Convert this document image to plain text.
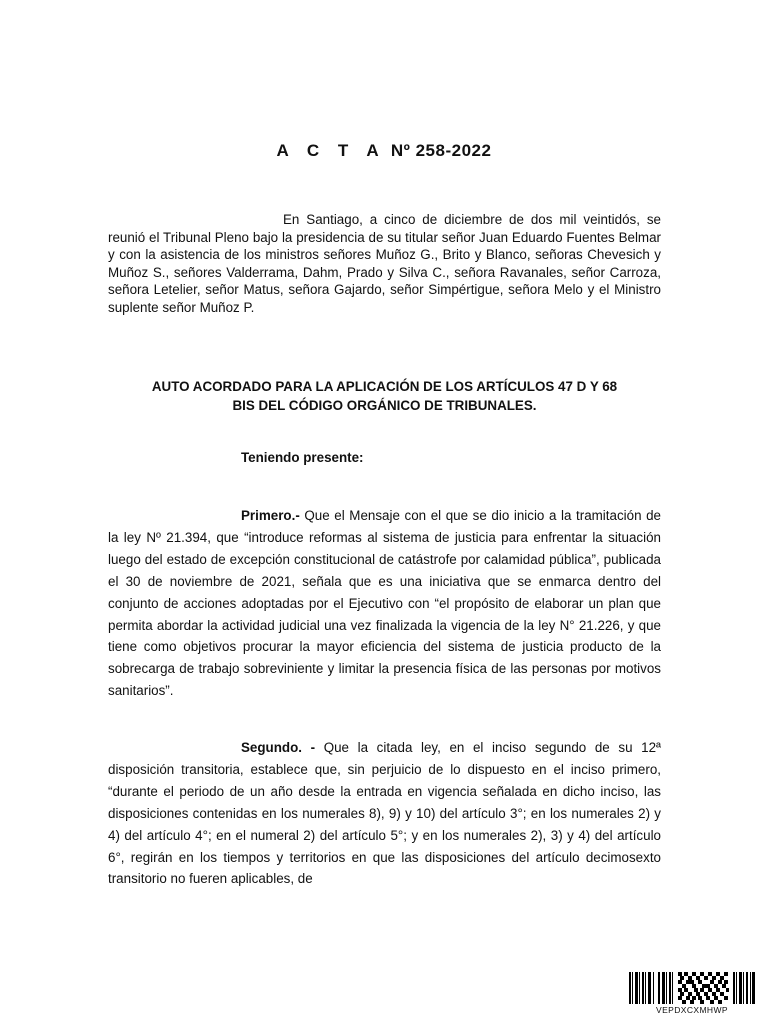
A C T A Nº 258-2022

En Santiago, a cinco de diciembre de dos mil veintidós, se reunió el Tribunal Pleno bajo la presidencia de su titular señor Juan Eduardo Fuentes Belmar y con la asistencia de los ministros señores Muñoz G., Brito y Blanco, señoras Chevesich y Muñoz S., señores Valderrama, Dahm, Prado y Silva C., señora Ravanales, señor Carroza, señora Letelier, señor Matus, señora Gajardo, señor Simpértigue, señora Melo y el Ministro suplente señor Muñoz P.

AUTO ACORDADO PARA LA APLICACIÓN DE LOS ARTÍCULOS 47 D Y 68
BIS DEL CÓDIGO ORGÁNICO DE TRIBUNALES.

Teniendo presente:

Primero.- Que el Mensaje con el que se dio inicio a la tramitación de la ley Nº 21.394, que “introduce reformas al sistema de justicia para enfrentar la situación luego del estado de excepción constitucional de catástrofe por calamidad pública”, publicada el 30 de noviembre de 2021, señala que es una iniciativa que se enmarca dentro del conjunto de acciones adoptadas por el Ejecutivo con “el propósito de elaborar un plan que permita abordar la actividad judicial una vez finalizada la vigencia de la ley N° 21.226, y que tiene como objetivos procurar la mayor eficiencia del sistema de justicia producto de la sobrecarga de trabajo sobreviniente y limitar la presencia física de las personas por motivos sanitarios”.

Segundo. - Que la citada ley, en el inciso segundo de su 12ª disposición transitoria, establece que, sin perjuicio de lo dispuesto en el inciso primero, “durante el periodo de un año desde la entrada en vigencia señalada en dicho inciso, las disposiciones contenidas en los numerales 8), 9) y 10) del artículo 3°; en los numerales 2) y 4) del artículo 4°; en el numeral 2) del artículo 5°; y en los numerales 2), 3) y 4) del artículo 6°, regirán en los tiempos y territorios en que las disposiciones del artículo decimosexto transitorio no fueren aplicables, de

VEPDXCXMHWP
